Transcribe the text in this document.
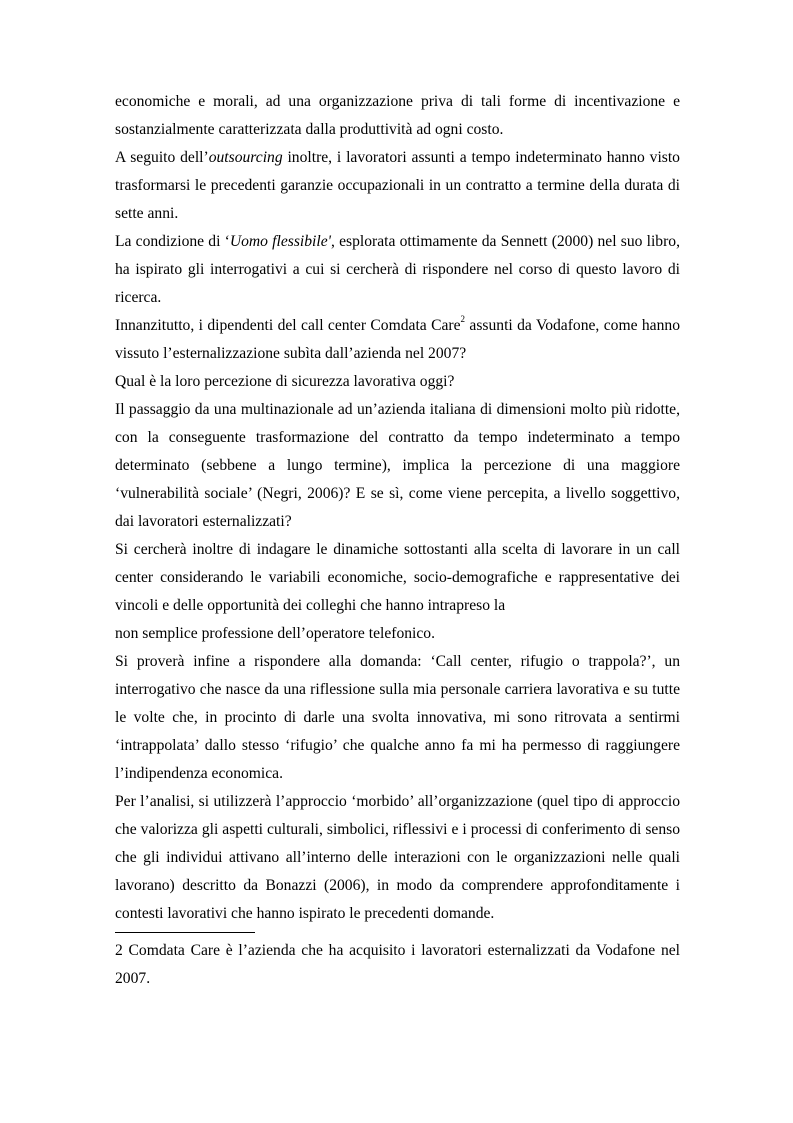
economiche e morali, ad una organizzazione priva di tali forme di incentivazione e sostanzialmente caratterizzata dalla produttività ad ogni costo.

A seguito dell’outsourcing inoltre, i lavoratori assunti a tempo indeterminato hanno visto trasformarsi le precedenti garanzie occupazionali in un contratto a termine della durata di sette anni.

La condizione di ‘Uomo flessibile', esplorata ottimamente da Sennett (2000) nel suo libro, ha ispirato gli interrogativi a cui si cercherà di rispondere nel corso di questo lavoro di ricerca.

Innanzitutto, i dipendenti del call center Comdata Care$^2$ assunti da Vodafone, come hanno vissuto l’esternalizzazione subìta dall’azienda nel 2007?

Qual è la loro percezione di sicurezza lavorativa oggi?

Il passaggio da una multinazionale ad un’azienda italiana di dimensioni molto più ridotte, con la conseguente trasformazione del contratto da tempo indeterminato a tempo determinato (sebbene a lungo termine), implica la percezione di una maggiore ‘vulnerabilità sociale’ (Negri, 2006)? E se sì, come viene percepita, a livello soggettivo, dai lavoratori esternalizzati?

Si cercherà inoltre di indagare le dinamiche sottostanti alla scelta di lavorare in un call center considerando le variabili economiche, socio-demografiche e rappresentative dei vincoli e delle opportunità dei colleghi che hanno intrapreso la

non semplice professione dell’operatore telefonico.

Si proverà infine a rispondere alla domanda: ‘Call center, rifugio o trappola?’, un interrogativo che nasce da una riflessione sulla mia personale carriera lavorativa e su tutte le volte che, in procinto di darle una svolta innovativa, mi sono ritrovata a sentirmi ‘intrappolata’ dallo stesso ‘rifugio’ che qualche anno fa mi ha permesso di raggiungere l’indipendenza economica.

Per l’analisi, si utilizzerà l’approccio ‘morbido’ all’organizzazione (quel tipo di approccio che valorizza gli aspetti culturali, simbolici, riflessivi e i processi di conferimento di senso che gli individui attivano all’interno delle interazioni con le organizzazioni nelle quali lavorano) descritto da Bonazzi (2006), in modo da comprendere approfonditamente i contesti lavorativi che hanno ispirato le precedenti domande.

2 Comdata Care è l’azienda che ha acquisito i lavoratori esternalizzati da Vodafone nel 2007.
